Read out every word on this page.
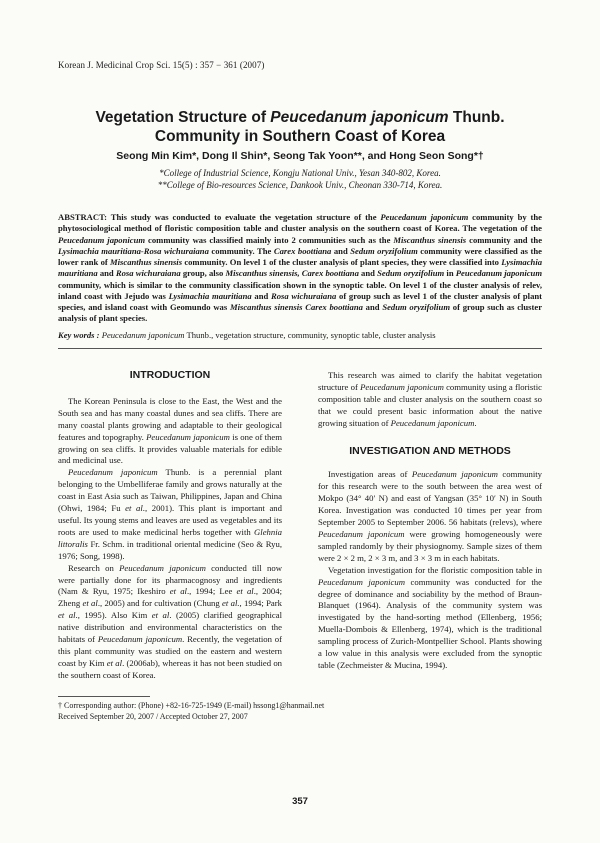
Korean J. Medicinal Crop Sci. 15(5) : 357 − 361 (2007)
Vegetation Structure of Peucedanum japonicum Thunb.
Community in Southern Coast of Korea
Seong Min Kim*, Dong Il Shin*, Seong Tak Yoon**, and Hong Seon Song*†
*College of Industrial Science, Kongju National Univ., Yesan 340-802, Korea.
**College of Bio-resources Science, Dankook Univ., Cheonan 330-714, Korea.
ABSTRACT: This study was conducted to evaluate the vegetation structure of the Peucedanum japonicum community by the phytosociological method of floristic composition table and cluster analysis on the southern coast of Korea. The vegetation of the Peucedanum japonicum community was classified mainly into 2 communities such as the Miscanthus sinensis community and the Lysimachia mauritiana-Rosa wichuraiana community. The Carex boottiana and Sedum oryzifolium community were classified as the lower rank of Miscanthus sinensis community. On level 1 of the cluster analysis of plant species, they were classified into Lysimachia mauritiana and Rosa wichuraiana group, also Miscanthus sinensis, Carex boottiana and Sedum oryzifolium in Peucedanum japonicum community, which is similar to the community classification shown in the synoptic table. On level 1 of the cluster analysis of relev, inland coast with Jejudo was Lysimachia mauritiana and Rosa wichuraiana of group such as level 1 of the cluster analysis of plant species, and island coast with Geomundo was Miscanthus sinensis Carex boottiana and Sedum oryzifolium of group such as cluster analysis of plant species.
Key words : Peucedanum japonicum Thunb., vegetation structure, community, synoptic table, cluster analysis
INTRODUCTION
The Korean Peninsula is close to the East, the West and the South sea and has many coastal dunes and sea cliffs. There are many coastal plants growing and adaptable to their geological features and topography. Peucedanum japonicum is one of them growing on sea cliffs. It provides valuable materials for edible and medicinal use.
Peucedanum japonicum Thunb. is a perennial plant belonging to the Umbelliferae family and grows naturally at the coast in East Asia such as Taiwan, Philippines, Japan and China (Ohwi, 1984; Fu et al., 2001). This plant is important and useful. Its young stems and leaves are used as vegetables and its roots are used to make medicinal herbs together with Glehnia littoralis Fr. Schm. in traditional oriental medicine (Seo & Ryu, 1976; Song, 1998).
Research on Peucedanum japonicum conducted till now were partially done for its pharmacognosy and ingredients (Nam & Ryu, 1975; Ikeshiro et al., 1994; Lee et al., 2004; Zheng et al., 2005) and for cultivation (Chung et al., 1994; Park et al., 1995). Also Kim et al. (2005) clarified geographical native distribution and environmental characteristics on the habitats of Peucedanum japonicum. Recently, the vegetation of this plant community was studied on the eastern and western coast by Kim et al. (2006ab), whereas it has not been studied on the southern coast of Korea.
This research was aimed to clarify the habitat vegetation structure of Peucedanum japonicum community using a floristic composition table and cluster analysis on the southern coast so that we could present basic information about the native growing situation of Peucedanum japonicum.
INVESTIGATION AND METHODS
Investigation areas of Peucedanum japonicum community for this research were to the south between the area west of Mokpo (34° 40′ N) and east of Yangsan (35° 10′ N) in South Korea. Investigation was conducted 10 times per year from September 2005 to September 2006. 56 habitats (relevs), where Peucedanum japonicum were growing homogeneously were sampled randomly by their physiognomy. Sample sizes of them were 2 × 2 m, 2 × 3 m, and 3 × 3 m in each habitats.
Vegetation investigation for the floristic composition table in Peucedanum japonicum community was conducted for the degree of dominance and sociability by the method of Braun-Blanquet (1964). Analysis of the community system was investigated by the hand-sorting method (Ellenberg, 1956; Muella-Dombois & Ellenberg, 1974), which is the traditional sampling process of Zurich-Montpellier School. Plants showing a low value in this analysis were excluded from the synoptic table (Zechmeister & Mucina, 1994).
† Corresponding author: (Phone) +82-16-725-1949 (E-mail) hssong1@hanmail.net
Received September 20, 2007 / Accepted October 27, 2007
357
